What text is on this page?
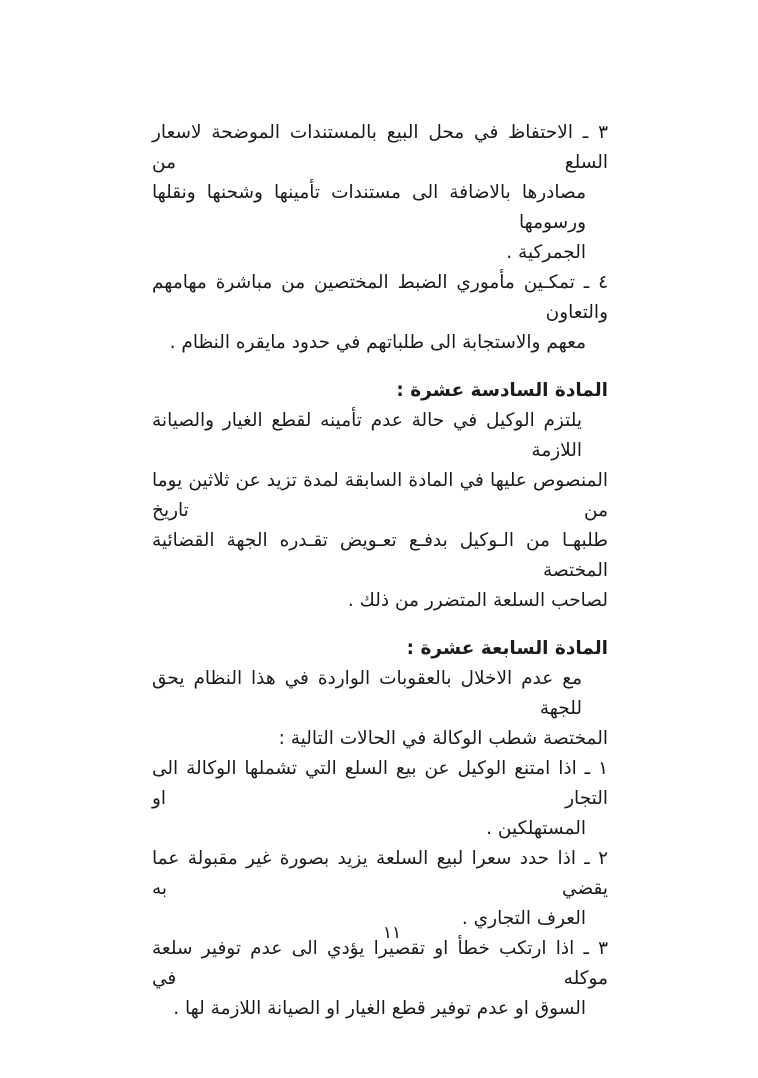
٣ ـ الاحتفاظ في محل البيع بالمستندات الموضحة لاسعار السلع من

مصادرها بالاضافة الى مستندات تأمينها وشحنها ونقلها ورسومها

الجمركية .

٤ ـ تمكـين مأموري الضبط المختصين من مباشرة مهامهم والتعاون

معهم والاستجابة الى طلباتهم في حدود مايقره النظام .

المادة السادسة عشرة :

يلتزم الوكيل في حالة عدم تأمينه لقطع الغيار والصيانة اللازمة

المنصوص عليها في المادة السابقة لمدة تزيد عن ثلاثين يوما من تاريخ

طلبهـا من الـوكيل بدفـع تعـويض تقـدره الجهة القضائية المختصة

لصاحب السلعة المتضرر من ذلك .

المادة السابعة عشرة :

مع عدم الاخلال بالعقوبات الواردة في هذا النظام يحق للجهة

المختصة شطب الوكالة في الحالات التالية :

١ ـ اذا امتنع الوكيل عن بيع السلع التي تشملها الوكالة الى التجار او

المستهلكين .

٢ ـ اذا حدد سعرا لبيع السلعة يزيد بصورة غير مقبولة عما يقضي به

العرف التجاري .

٣ ـ اذا ارتكب خطأ او تقصيرا يؤدي الى عدم توفير سلعة موكله في

السوق او عدم توفير قطع الغيار او الصيانة اللازمة لها .

١١
